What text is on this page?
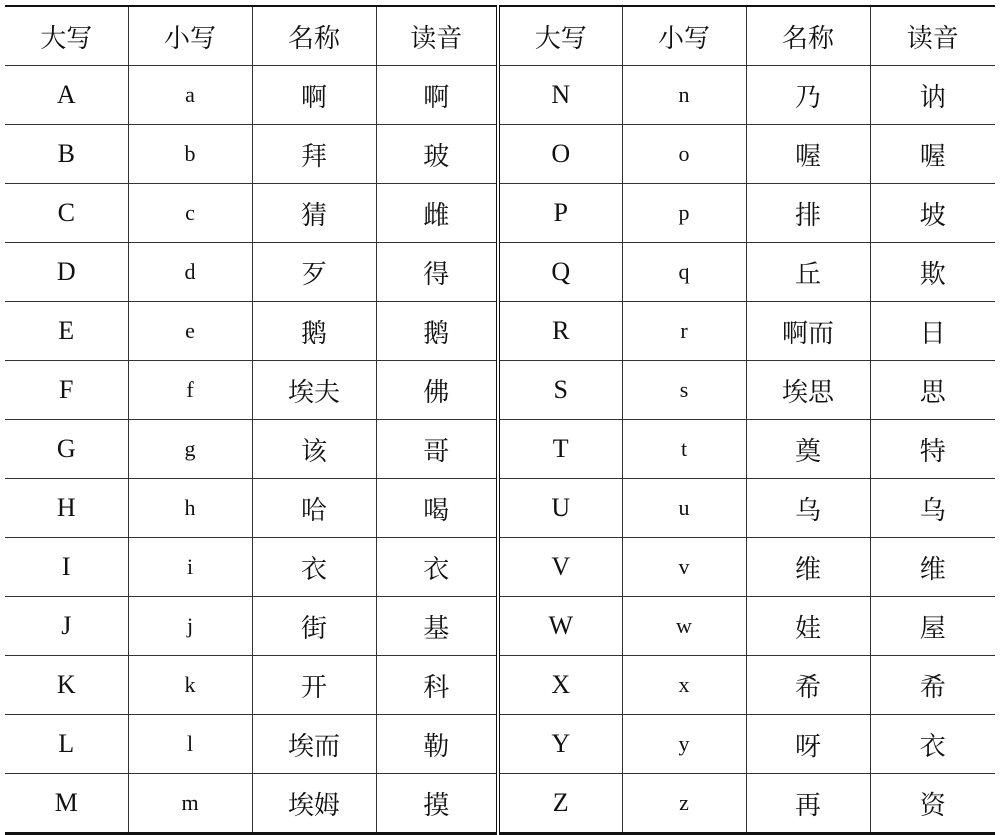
大写	小写	名称	读音	大写	小写	名称	读音
A	a	啊	啊	N	n	乃	讷
B	b	拜	玻	O	o	喔	喔
C	c	猜	雌	P	p	排	坡
D	d	歹	得	Q	q	丘	欺
E	e	鹅	鹅	R	r	啊而	日
F	f	埃夫	佛	S	s	埃思	思
G	g	该	哥	T	t	奠	特
H	h	哈	喝	U	u	乌	乌
I	i	衣	衣	V	v	维	维
J	j	街	基	W	w	娃	屋
K	k	开	科	X	x	希	希
L	l	埃而	勒	Y	y	呀	衣
M	m	埃姆	摸	Z	z	再	资
